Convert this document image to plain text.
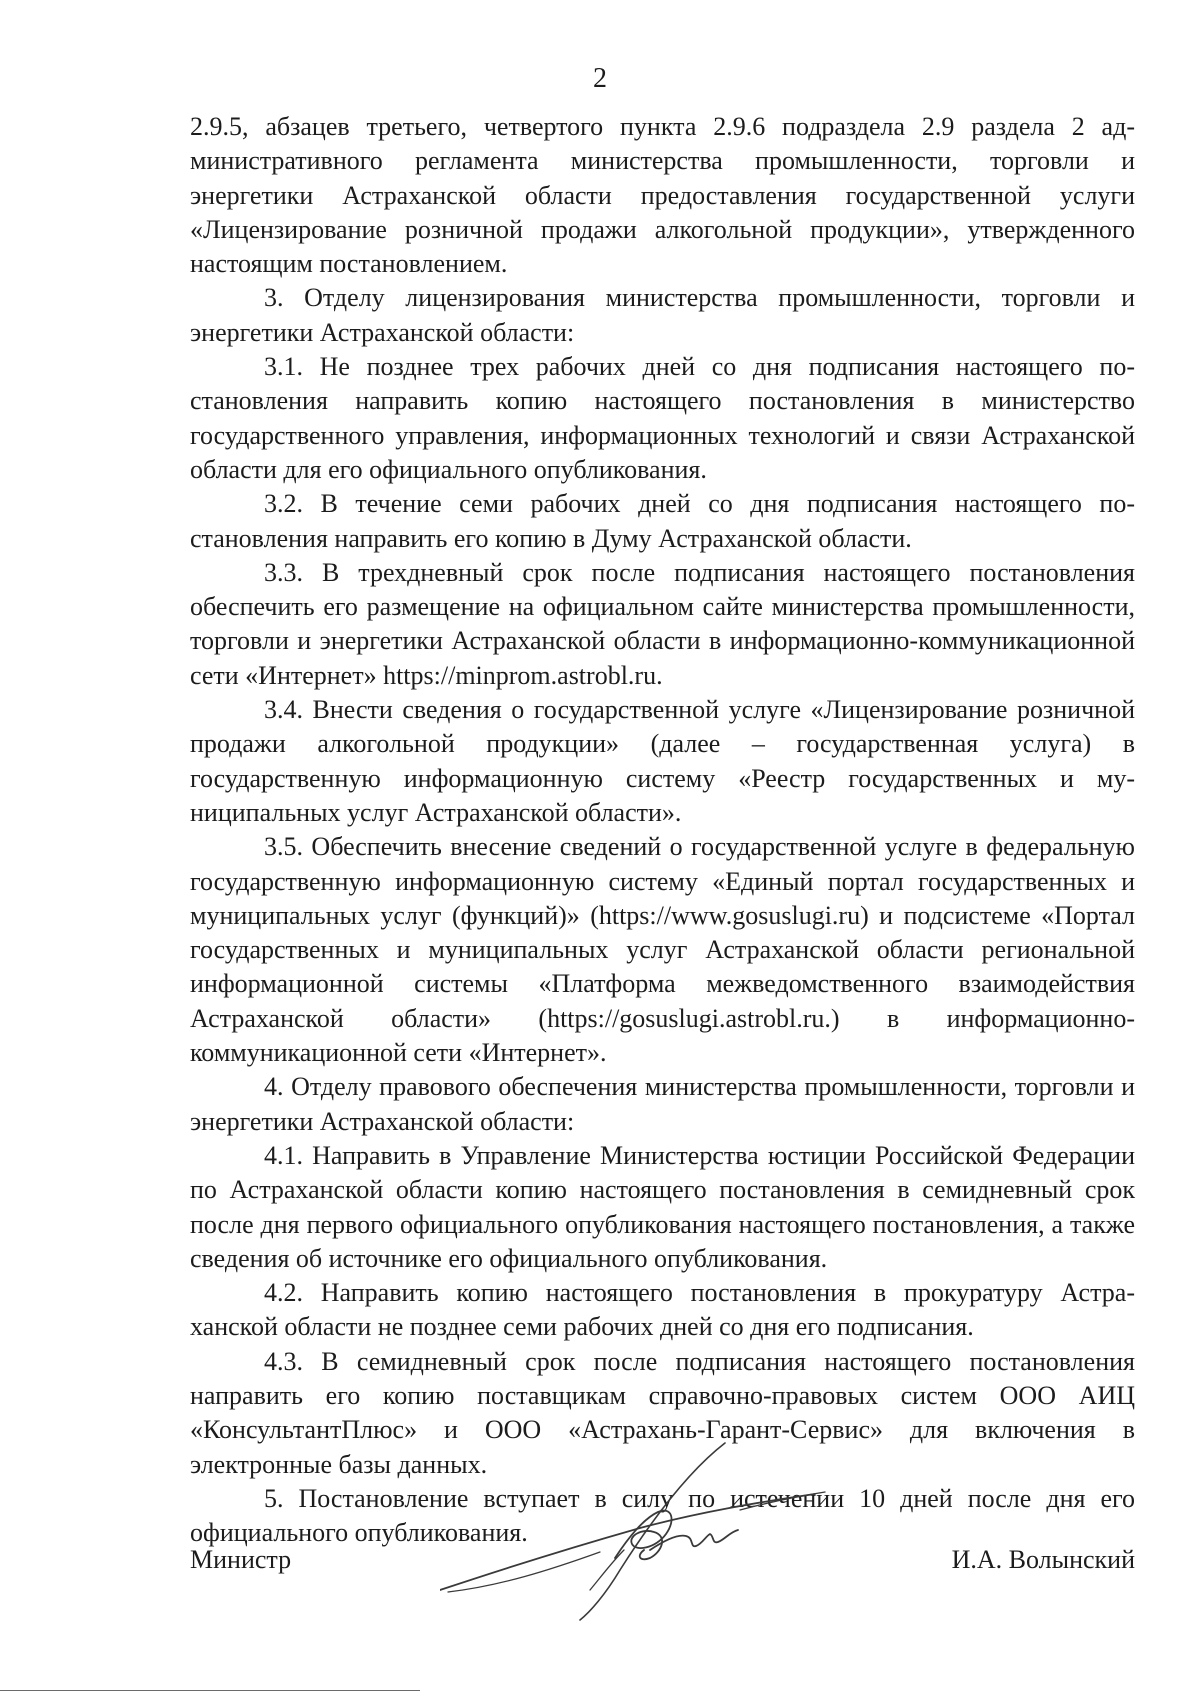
2

2.9.5, абзацев третьего, четвертого пункта 2.9.6 подраздела 2.9 раздела 2 административного регламента министерства промышленности, торговли и энергетики Астраханской области предоставления государственной услуги «Лицензирование розничной продажи алкогольной продукции», утвержденного настоящим постановлением.

3. Отделу лицензирования министерства промышленности, торговли и энергетики Астраханской области:

3.1. Не позднее трех рабочих дней со дня подписания настоящего постановления направить копию настоящего постановления в министерство государственного управления, информационных технологий и связи Астраханской области для его официального опубликования.

3.2. В течение семи рабочих дней со дня подписания настоящего постановления направить его копию в Думу Астраханской области.

3.3. В трехдневный срок после подписания настоящего постановления обеспечить его размещение на официальном сайте министерства промышленности, торговли и энергетики Астраханской области в информационно-коммуникационной сети «Интернет» https://minprom.astrobl.ru.

3.4. Внести сведения о государственной услуге «Лицензирование розничной продажи алкогольной продукции» (далее – государственная услуга) в государственную информационную систему «Реестр государственных и муниципальных услуг Астраханской области».

3.5. Обеспечить внесение сведений о государственной услуге в федеральную государственную информационную систему «Единый портал государственных и муниципальных услуг (функций)» (https://www.gosuslugi.ru) и подсистеме «Портал государственных и муниципальных услуг Астраханской области региональной информационной системы «Платформа межведомственного взаимодействия Астраханской области» (https://gosuslugi.astrobl.ru.) в информационно-коммуникационной сети «Интернет».

4. Отделу правового обеспечения министерства промышленности, торговли и энергетики Астраханской области:

4.1. Направить в Управление Министерства юстиции Российской Федерации по Астраханской области копию настоящего постановления в семидневный срок после дня первого официального опубликования настоящего постановления, а также сведения об источнике его официального опубликования.

4.2. Направить копию настоящего постановления в прокуратуру Астраханской области не позднее семи рабочих дней со дня его подписания.

4.3. В семидневный срок после подписания настоящего постановления направить его копию поставщикам справочно-правовых систем ООО АИЦ «КонсультантПлюс» и ООО «Астрахань-Гарант-Сервис» для включения в электронные базы данных.

5. Постановление вступает в силу по истечении 10 дней после дня его официального опубликования.

Министр	И.А. Волынский
